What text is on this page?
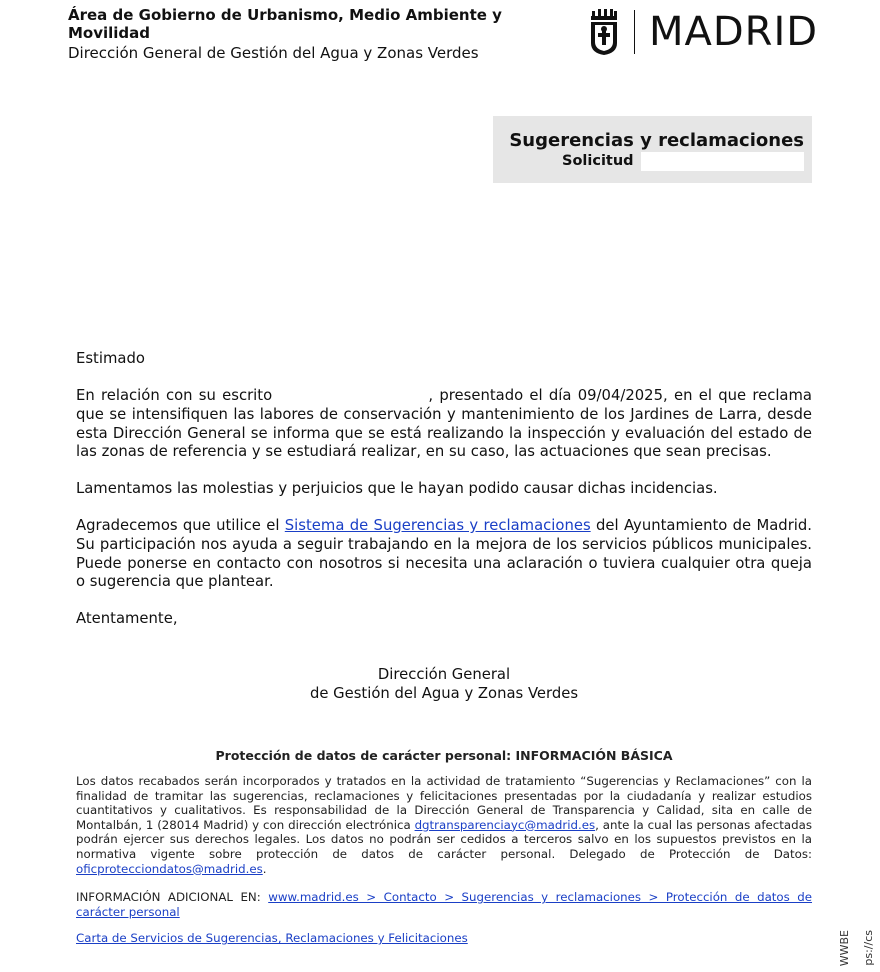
Área de Gobierno de Urbanismo, Medio Ambiente y Movilidad
Dirección General de Gestión del Agua y Zonas Verdes	MADRID
Sugerencias y reclamaciones
Solicitud
Estimado
En relación con su escrito	, presentado el día 09/04/2025, en el que reclama que se intensifiquen las labores de conservación y mantenimiento de los Jardines de Larra, desde esta Dirección General se informa que se está realizando la inspección y evaluación del estado de las zonas de referencia y se estudiará realizar, en su caso, las actuaciones que sean precisas.
Lamentamos las molestias y perjuicios que le hayan podido causar dichas incidencias.
Agradecemos que utilice el Sistema de Sugerencias y reclamaciones del Ayuntamiento de Madrid. Su participación nos ayuda a seguir trabajando en la mejora de los servicios públicos municipales. Puede ponerse en contacto con nosotros si necesita una aclaración o tuviera cualquier otra queja o sugerencia que plantear.
Atentamente,
Dirección General
de Gestión del Agua y Zonas Verdes
Protección de datos de carácter personal: INFORMACIÓN BÁSICA
Los datos recabados serán incorporados y tratados en la actividad de tratamiento “Sugerencias y Reclamaciones” con la finalidad de tramitar las sugerencias, reclamaciones y felicitaciones presentadas por la ciudadanía y realizar estudios cuantitativos y cualitativos. Es responsabilidad de la Dirección General de Transparencia y Calidad, sita en calle de Montalbán, 1 (28014 Madrid) y con dirección electrónica dgtransparenciayc@madrid.es, ante la cual las personas afectadas podrán ejercer sus derechos legales. Los datos no podrán ser cedidos a terceros salvo en los supuestos previstos en la normativa vigente sobre protección de datos de carácter personal. Delegado de Protección de Datos: oficprotecciondatos@madrid.es.
INFORMACIÓN ADICIONAL EN: www.madrid.es > Contacto > Sugerencias y reclamaciones > Protección de datos de carácter personal
Carta de Servicios de Sugerencias, Reclamaciones y Felicitaciones	WWBE ps://cs
